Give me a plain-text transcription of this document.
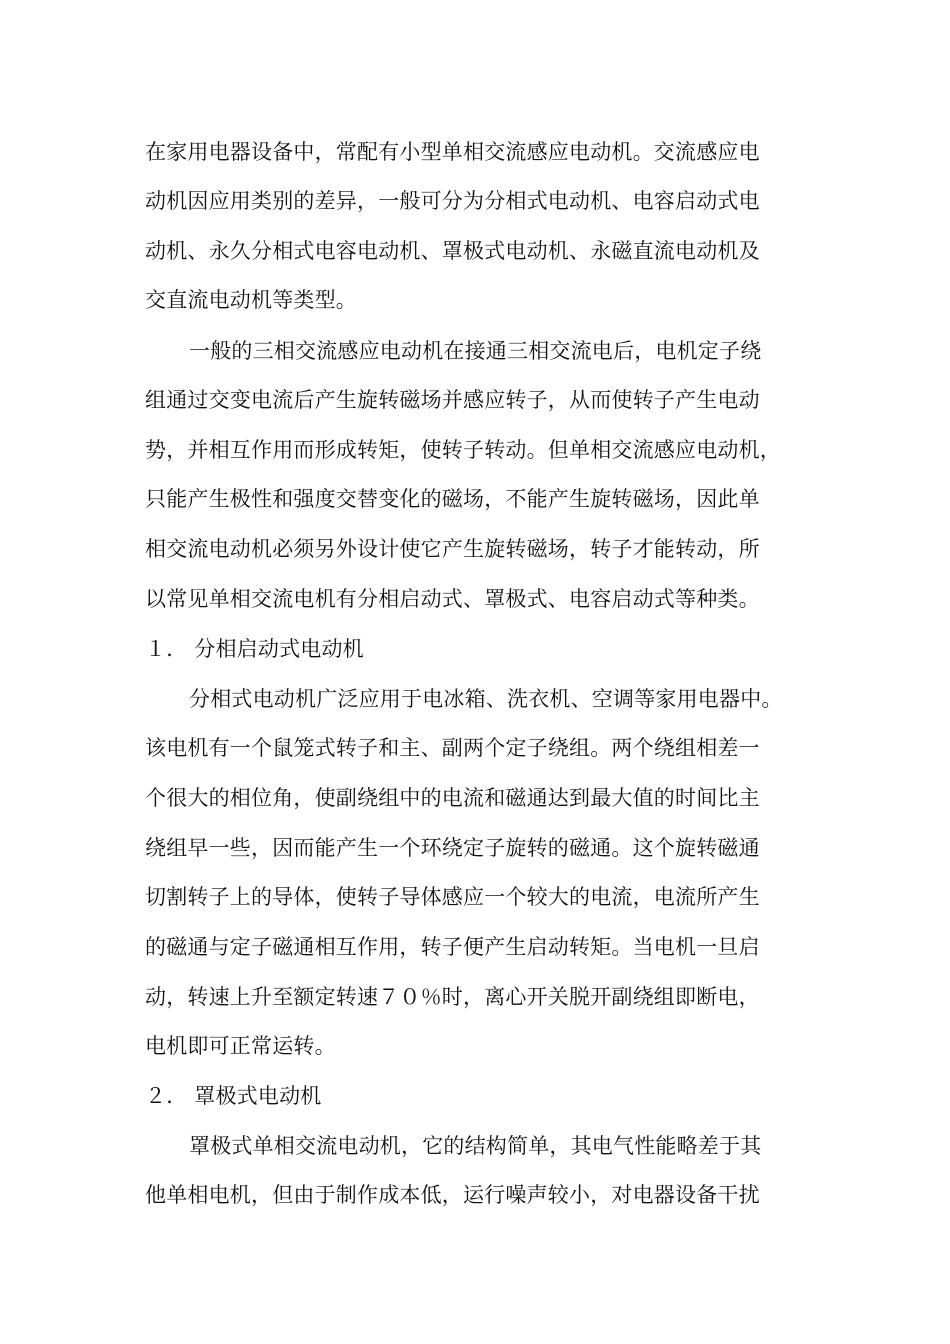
在家用电器设备中，常配有小型单相交流感应电动机。交流感应电
动机因应用类别的差异，一般可分为分相式电动机、电容启动式电
动机、永久分相式电容电动机、罩极式电动机、永磁直流电动机及
交直流电动机等类型。
一般的三相交流感应电动机在接通三相交流电后，电机定子绕
组通过交变电流后产生旋转磁场并感应转子，从而使转子产生电动
势，并相互作用而形成转矩，使转子转动。但单相交流感应电动机，
只能产生极性和强度交替变化的磁场，不能产生旋转磁场，因此单
相交流电动机必须另外设计使它产生旋转磁场，转子才能转动，所
以常见单相交流电机有分相启动式、罩极式、电容启动式等种类。
１． 分相启动式电动机
分相式电动机广泛应用于电冰箱、洗衣机、空调等家用电器中。
该电机有一个鼠笼式转子和主、副两个定子绕组。两个绕组相差一
个很大的相位角，使副绕组中的电流和磁通达到最大值的时间比主
绕组早一些，因而能产生一个环绕定子旋转的磁通。这个旋转磁通
切割转子上的导体，使转子导体感应一个较大的电流，电流所产生
的磁通与定子磁通相互作用，转子便产生启动转矩。当电机一旦启
动，转速上升至额定转速７０％时，离心开关脱开副绕组即断电，
电机即可正常运转。
２． 罩极式电动机
罩极式单相交流电动机，它的结构简单，其电气性能略差于其
他单相电机，但由于制作成本低，运行噪声较小，对电器设备干扰
